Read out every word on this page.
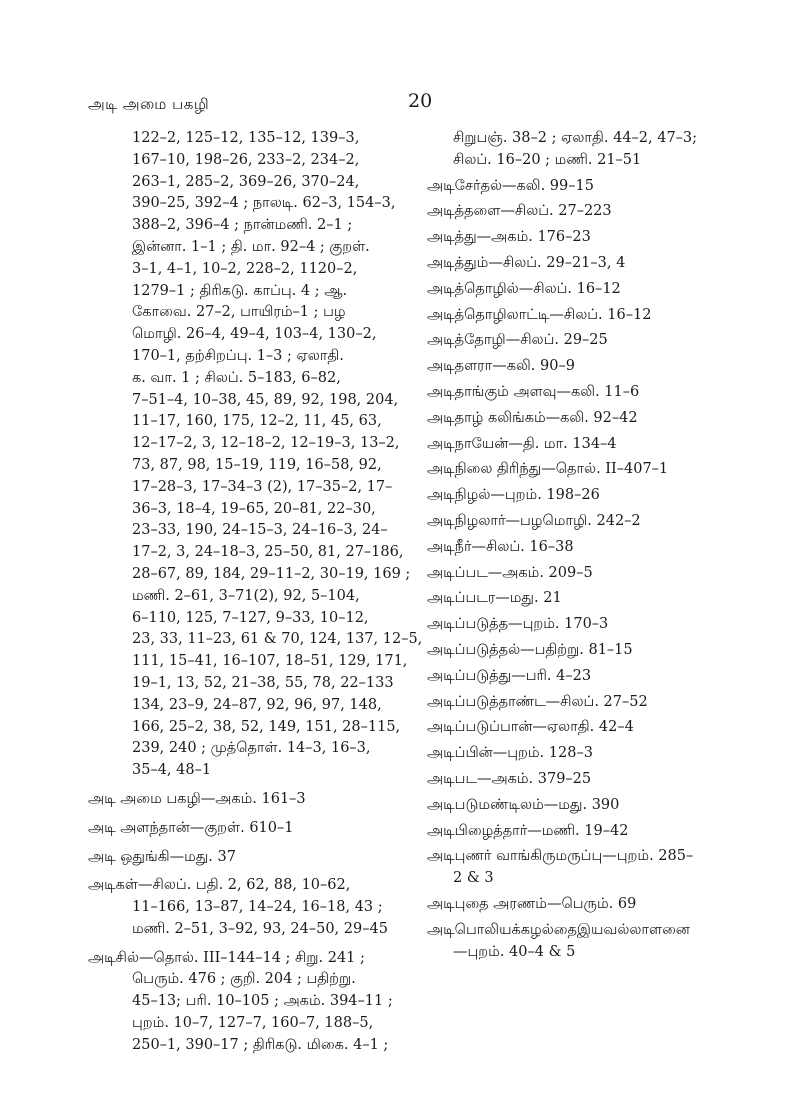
அடி அமை பகழி	20
122–2, 125–12, 135–12, 139–3,
167–10, 198–26, 233–2, 234–2,
263–1, 285–2, 369–26, 370–24,
390–25, 392–4 ; நாலடி. 62–3, 154–3,
388–2, 396–4 ; நான்மணி. 2–1 ;
இன்னா. 1–1 ; தி. மா. 92–4 ; குறள்.
3–1, 4–1, 10–2, 228–2, 1120–2,
1279–1 ; திரிகடு. காப்பு. 4 ; ஆ.
கோவை. 27–2, பாயிரம்–1 ; பழ
மொழி. 26–4, 49–4, 103–4, 130–2,
170–1, தற்சிறப்பு. 1–3 ; ஏலாதி.
க. வா. 1 ; சிலப். 5–183, 6–82,
7–51–4, 10–38, 45, 89, 92, 198, 204,
11–17, 160, 175, 12–2, 11, 45, 63,
12–17–2, 3, 12–18–2, 12–19–3, 13–2,
73, 87, 98, 15–19, 119, 16–58, 92,
17–28–3, 17–34–3 (2), 17–35–2, 17–
36–3, 18–4, 19–65, 20–81, 22–30,
23–33, 190, 24–15–3, 24–16–3, 24–
17–2, 3, 24–18–3, 25–50, 81, 27–186,
28–67, 89, 184, 29–11–2, 30–19, 169 ;
மணி. 2–61, 3–71(2), 92, 5–104,
6–110, 125, 7–127, 9–33, 10–12,
23, 33, 11–23, 61 & 70, 124, 137, 12–5,
111, 15–41, 16–107, 18–51, 129, 171,
19–1, 13, 52, 21–38, 55, 78, 22–133
134, 23–9, 24–87, 92, 96, 97, 148,
166, 25–2, 38, 52, 149, 151, 28–115,
239, 240 ; முத்தொள். 14–3, 16–3,
35–4, 48–1
அடி அமை பகழி—அகம். 161–3
அடி அளந்தான்—குறள். 610–1
அடி ஒதுங்கி—மது. 37
அடிகள்—சிலப். பதி. 2, 62, 88, 10–62,
11–166, 13–87, 14–24, 16–18, 43 ;
மணி. 2–51, 3–92, 93, 24–50, 29–45
அடிசில்—தொல். III–144–14 ; சிறு. 241 ;
பெரும். 476 ; குறி. 204 ; பதிற்று.
45–13; பரி. 10–105 ; அகம். 394–11 ;
புறம். 10–7, 127–7, 160–7, 188–5,
250–1, 390–17 ; திரிகடு. மிகை. 4–1 ;
சிறுபஞ். 38–2 ; ஏலாதி. 44–2, 47–3;
சிலப். 16–20 ; மணி. 21–51
அடிசேர்தல்—கலி. 99–15
அடித்தளை—சிலப். 27–223
அடித்து—அகம். 176–23
அடித்தும்—சிலப். 29–21–3, 4
அடித்தொழில்—சிலப். 16–12
அடித்தொழிலாட்டி—சிலப். 16–12
அடித்தோழி—சிலப். 29–25
அடிதளரா—கலி. 90–9
அடிதாங்கும் அளவு—கலி. 11–6
அடிதாழ் கலிங்கம்—கலி. 92–42
அடிநாயேன்—தி. மா. 134–4
அடிநிலை திரிந்து—தொல். II–407–1
அடிநிழல்—புறம். 198–26
அடிநிழலார்—பழமொழி. 242–2
அடிநீர்—சிலப். 16–38
அடிப்பட—அகம். 209–5
அடிப்படர—மது. 21
அடிப்படுத்த—புறம். 170–3
அடிப்படுத்தல்—பதிற்று. 81–15
அடிப்படுத்து—பரி. 4–23
அடிப்படுத்தாண்ட—சிலப். 27–52
அடிப்படுப்பான்—ஏலாதி. 42–4
அடிப்பின்—புறம். 128–3
அடிபட—அகம். 379–25
அடிபடுமண்டிலம்—மது. 390
அடிபிழைத்தார்—மணி. 19–42
அடிபுணர் வாங்கிருமருப்பு—புறம். 285–
2 & 3
அடிபுதை அரணம்—பெரும். 69
அடிபொலியக்கழல்தைஇயவல்லாளனை
—புறம். 40–4 & 5
